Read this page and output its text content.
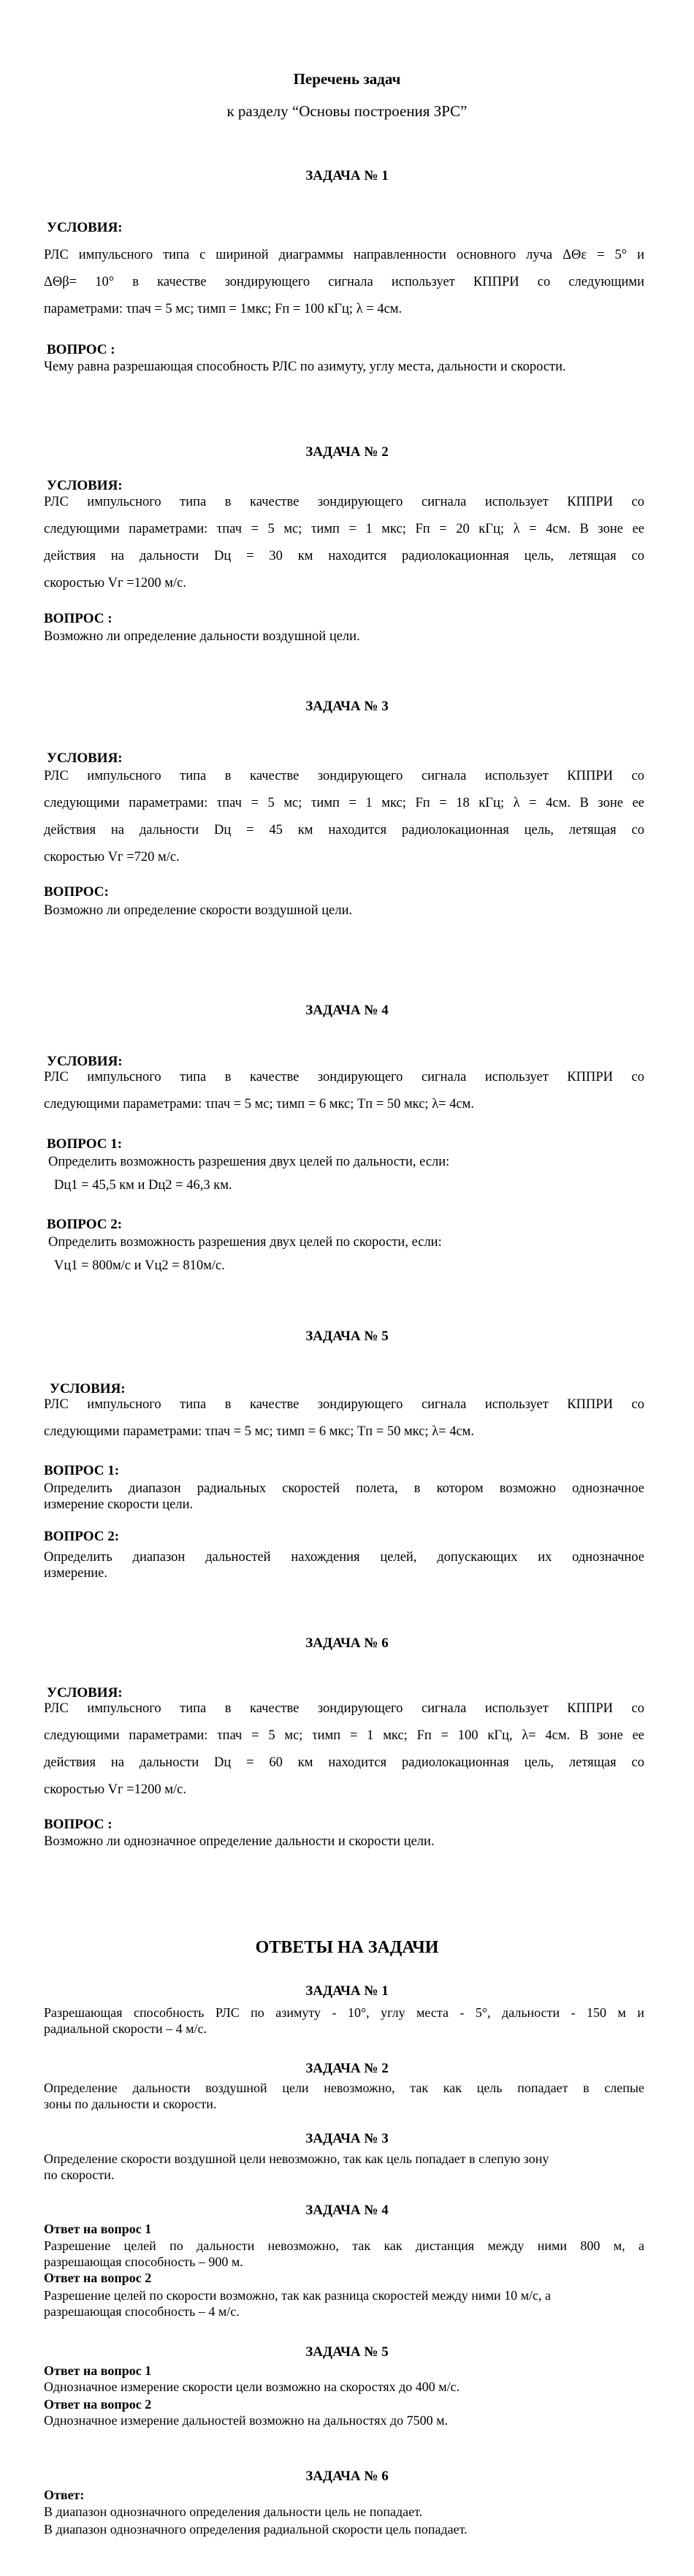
Перечень задач
к разделу “Основы построения ЗРС”
ЗАДАЧА № 1
УСЛОВИЯ:
РЛС импульсного типа с шириной диаграммы направленности основного луча ΔΘε = 5° и
ΔΘβ= 10° в качестве зондирующего сигнала использует КППРИ со следующими
параметрами: τпач = 5 мс; τимп = 1мкс; Fп = 100 кГц; λ = 4см.
ВОПРОС :
Чему равна разрешающая способность РЛС по азимуту, углу места, дальности и скорости.
ЗАДАЧА № 2
УСЛОВИЯ:
РЛС импульсного типа в качестве зондирующего сигнала использует КППРИ со
следующими параметрами: τпач = 5 мс; τимп = 1 мкс; Fп = 20 кГц; λ = 4см. В зоне ее
действия на дальности Dц = 30 км находится радиолокационная цель, летящая со
скоростью Vг =1200 м/с.
ВОПРОС :
Возможно ли определение дальности воздушной цели.
ЗАДАЧА № 3
УСЛОВИЯ:
РЛС импульсного типа в качестве зондирующего сигнала использует КППРИ со
следующими параметрами: τпач = 5 мс; τимп = 1 мкс; Fп = 18 кГц; λ = 4см. В зоне ее
действия на дальности Dц = 45 км находится радиолокационная цель, летящая со
скоростью Vг =720 м/с.
ВОПРОС:
Возможно ли определение скорости воздушной цели.
ЗАДАЧА № 4
УСЛОВИЯ:
РЛС импульсного типа в качестве зондирующего сигнала использует КППРИ со
следующими параметрами: τпач = 5 мс; τимп = 6 мкс; Tп = 50 мкс; λ= 4см.
ВОПРОС 1:
Определить возможность разрешения двух целей по дальности, если:
Dц1 = 45,5 км и Dц2 = 46,3 км.
ВОПРОС 2:
Определить возможность разрешения двух целей по скорости, если:
Vц1 = 800м/с и Vц2 = 810м/с.
ЗАДАЧА № 5
УСЛОВИЯ:
РЛС импульсного типа в качестве зондирующего сигнала использует КППРИ со
следующими параметрами: τпач = 5 мс; τимп = 6 мкс; Tп = 50 мкс; λ= 4см.
ВОПРОС 1:
Определить диапазон радиальных скоростей полета, в котором возможно однозначное
измерение скорости цели.
ВОПРОС 2:
Определить диапазон дальностей нахождения целей, допускающих их однозначное
измерение.
ЗАДАЧА № 6
УСЛОВИЯ:
РЛС импульсного типа в качестве зондирующего сигнала использует КППРИ со
следующими параметрами: τпач = 5 мс; τимп = 1 мкс; Fп = 100 кГц, λ= 4см. В зоне ее
действия на дальности Dц = 60 км находится радиолокационная цель, летящая со
скоростью Vг =1200 м/с.
ВОПРОС :
Возможно ли однозначное определение дальности и скорости цели.
ОТВЕТЫ НА ЗАДАЧИ
ЗАДАЧА № 1
Разрешающая способность РЛС по азимуту - 10°, углу места - 5°, дальности - 150 м и
радиальной скорости – 4 м/с.
ЗАДАЧА № 2
Определение дальности воздушной цели невозможно, так как цель попадает в слепые
зоны по дальности и скорости.
ЗАДАЧА № 3
Определение скорости воздушной цели невозможно, так как цель попадает в слепую зону
по скорости.
ЗАДАЧА № 4
Ответ на вопрос 1
Разрешение целей по дальности невозможно, так как дистанция между ними 800 м, а
разрешающая способность – 900 м.
Ответ на вопрос 2
Разрешение целей по скорости возможно, так как разница скоростей между ними 10 м/с, а
разрешающая способность – 4 м/с.
ЗАДАЧА № 5
Ответ на вопрос 1
Однозначное измерение скорости цели возможно на скоростях до 400 м/с.
Ответ на вопрос 2
Однозначное измерение дальностей возможно на дальностях до 7500 м.
ЗАДАЧА № 6
Ответ:
В диапазон однозначного определения дальности цель не попадает.
В диапазон однозначного определения радиальной скорости цель попадает.
